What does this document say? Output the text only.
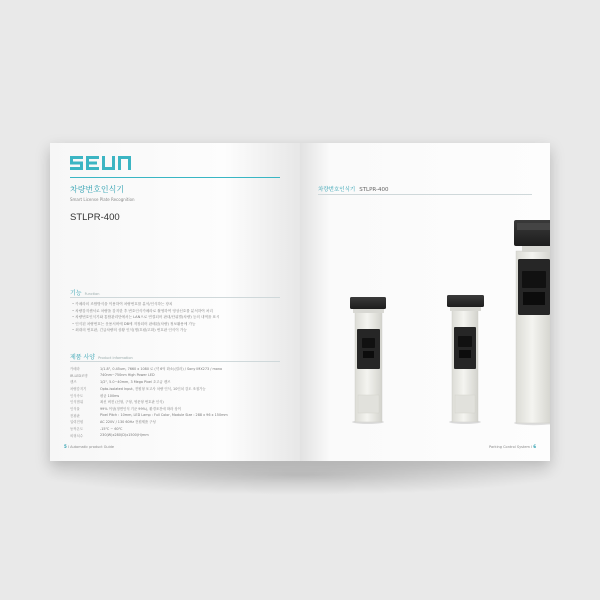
차량번호인식기
Smart License Plate Recognition
STLPR-400
기능 Function
• 카메라의 조합방식을 이용하여 차량번호를 분석/인식하는 장치
• 차량감지센서로 차량을 감지한 후 번호인식카메라로 촬영하여 영상신호를 분석하여 처리
• 차량번호인식기와 통합관리단에서는 LAN으로 연결되어 판내/단위별(차량) 등의 내역을 표시
• 인식된 차량번호는 운용서버에 DB에 저장되어 판매된(차량) 정보활용에 가능
• 최대의 번호판, 긴급차량의 상황 인식(명/흐림/고화) 번호판 인식이 가능
제품 사양 Product information
카메라	1/1.8", 0.45um, 7660 x 1080 로 (약 6억 화소)(컬러) / Sony IMX273 / mono
IR-LED조명	740nm~750nm High Power LED
렌즈	1/2", 5.0~40mm, 3 Mega Pixel 초고급 렌즈
차량감지기	Opto-isolated Input, 전원형 포고사 차량 인식, 10인치 감도 조절가능
인식속도	평균 100ms
인식범위	최신 버전 (신형, 구형, 영문형 번호판 인식)
인식율	99% 이상(정면인식 기준 99%), 환경조건에 따라 상이
전광판	Pixel Pitch : 10mm, LED Lamp : Full Color, Module Size : 288 x 96 x 150mm
입력전원	AC 220V / 130 60Hz 전원제품 구성
동작온도	-15℃ ~ 60℃
외형치수	230(W)x280(D)x1500(H)mm
5 I Automatic product Guide
차량번호인식기 STLPR-400
Parking Control System I 6
